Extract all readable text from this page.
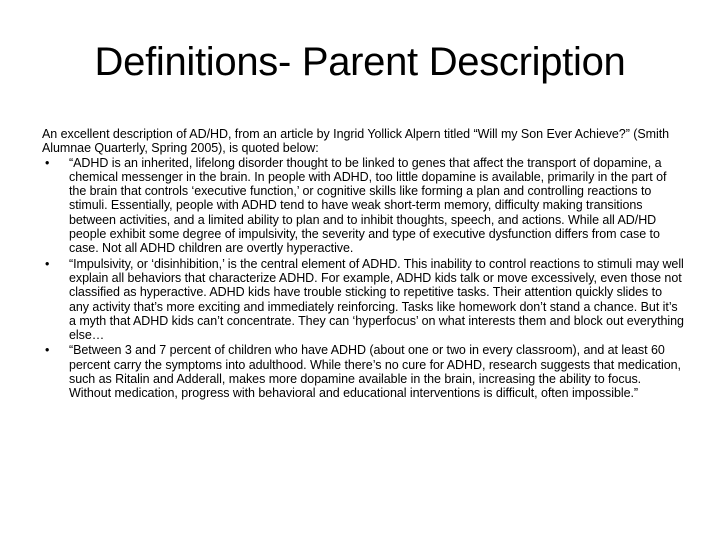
Definitions- Parent Description

An excellent description of AD/HD, from an article by Ingrid Yollick Alpern titled “Will my Son Ever Achieve?” (Smith Alumnae Quarterly, Spring 2005), is quoted below:

• “ADHD is an inherited, lifelong disorder thought to be linked to genes that affect the transport of dopamine, a chemical messenger in the brain. In people with ADHD, too little dopamine is available, primarily in the part of the brain that controls ‘executive function,’ or cognitive skills like forming a plan and controlling reactions to stimuli. Essentially, people with ADHD tend to have weak short-term memory, difficulty making transitions between activities, and a limited ability to plan and to inhibit thoughts, speech, and actions. While all AD/HD people exhibit some degree of impulsivity, the severity and type of executive dysfunction differs from case to case. Not all ADHD children are overtly hyperactive.
• “Impulsivity, or ‘disinhibition,’ is the central element of ADHD. This inability to control reactions to stimuli may well explain all behaviors that characterize ADHD. For example, ADHD kids talk or move excessively, even those not classified as hyperactive. ADHD kids have trouble sticking to repetitive tasks. Their attention quickly slides to any activity that’s more exciting and immediately reinforcing. Tasks like homework don’t stand a chance. But it’s a myth that ADHD kids can’t concentrate. They can ‘hyperfocus’ on what interests them and block out everything else…
• “Between 3 and 7 percent of children who have ADHD (about one or two in every classroom), and at least 60 percent carry the symptoms into adulthood. While there’s no cure for ADHD, research suggests that medication, such as Ritalin and Adderall, makes more dopamine available in the brain, increasing the ability to focus. Without medication, progress with behavioral and educational interventions is difficult, often impossible.”
